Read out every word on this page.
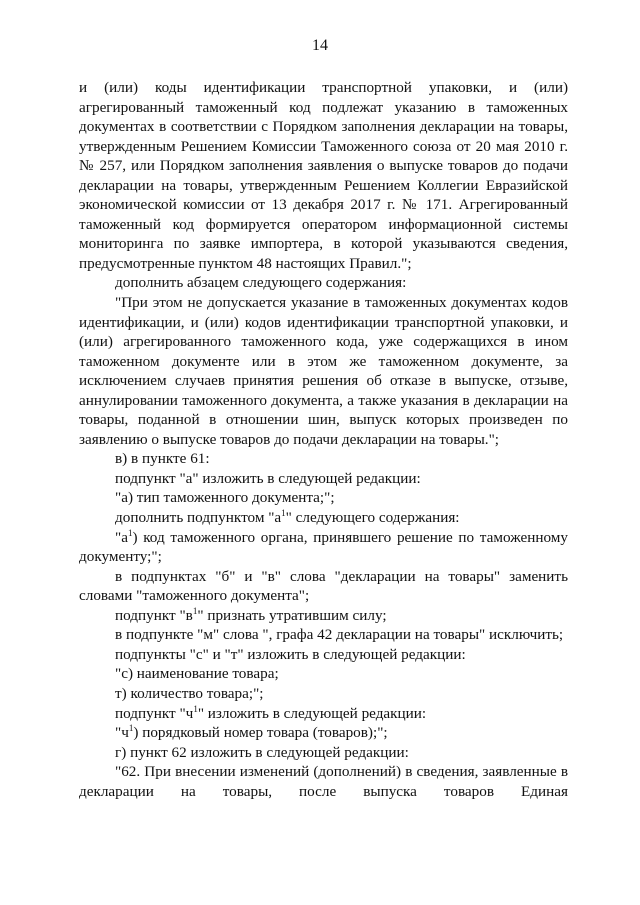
14

и (или) коды идентификации транспортной упаковки, и (или) агрегированный таможенный код подлежат указанию в таможенных документах в соответствии с Порядком заполнения декларации на товары, утвержденным Решением Комиссии Таможенного союза от 20 мая 2010 г. № 257, или Порядком заполнения заявления о выпуске товаров до подачи декларации на товары, утвержденным Решением Коллегии Евразийской экономической комиссии от 13 декабря 2017 г. № 171. Агрегированный таможенный код формируется оператором информационной системы мониторинга по заявке импортера, в которой указываются сведения, предусмотренные пунктом 48 настоящих Правил.";

дополнить абзацем следующего содержания:

"При этом не допускается указание в таможенных документах кодов идентификации, и (или) кодов идентификации транспортной упаковки, и (или) агрегированного таможенного кода, уже содержащихся в ином таможенном документе или в этом же таможенном документе, за исключением случаев принятия решения об отказе в выпуске, отзыве, аннулировании таможенного документа, а также указания в декларации на товары, поданной в отношении шин, выпуск которых произведен по заявлению о выпуске товаров до подачи декларации на товары.";

в) в пункте 61:

подпункт "а" изложить в следующей редакции:

"а) тип таможенного документа;";

дополнить подпунктом "$а^1$" следующего содержания:

"$а^1$) код таможенного органа, принявшего решение по таможенному документу;";

в подпунктах "б" и "в" слова "декларации на товары" заменить словами "таможенного документа";

подпункт "$в^1$" признать утратившим силу;

в подпункте "м" слова ", графа 42 декларации на товары" исключить;

подпункты "с" и "т" изложить в следующей редакции:

"с) наименование товара;

т) количество товара;";

подпункт "$ч^1$" изложить в следующей редакции:

"$ч^1$) порядковый номер товара (товаров);";

г) пункт 62 изложить в следующей редакции:

"62. При внесении изменений (дополнений) в сведения, заявленные в декларации на товары, после выпуска товаров Единая
